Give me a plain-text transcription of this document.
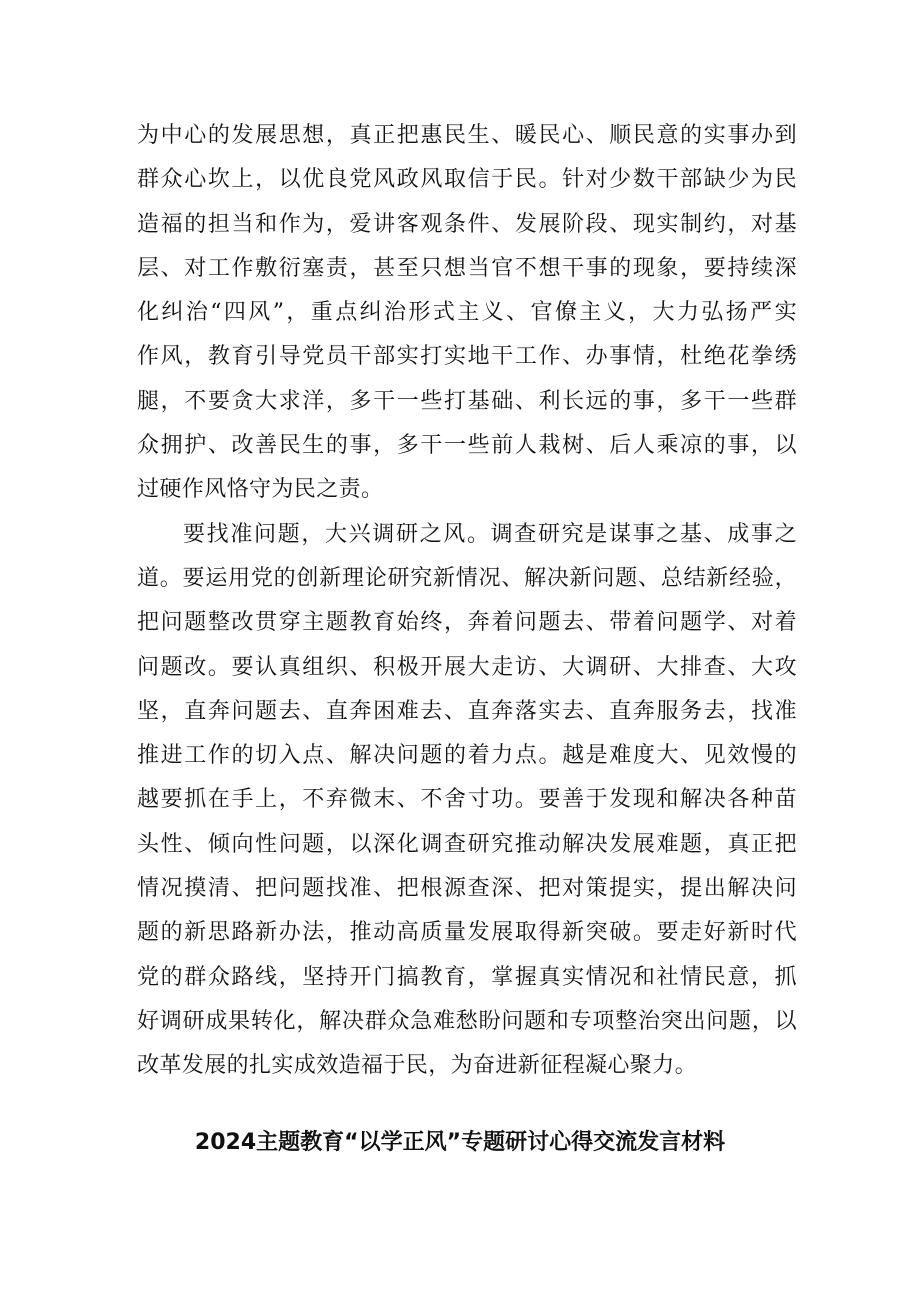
为中心的发展思想，真正把惠民生、暖民心、顺民意的实事办到
群众心坎上，以优良党风政风取信于民。针对少数干部缺少为民
造福的担当和作为，爱讲客观条件、发展阶段、现实制约，对基
层、对工作敷衍塞责，甚至只想当官不想干事的现象，要持续深
化纠治“四风”，重点纠治形式主义、官僚主义，大力弘扬严实
作风，教育引导党员干部实打实地干工作、办事情，杜绝花拳绣
腿，不要贪大求洋，多干一些打基础、利长远的事，多干一些群
众拥护、改善民生的事，多干一些前人栽树、后人乘凉的事，以
过硬作风恪守为民之责。

要找准问题，大兴调研之风。调查研究是谋事之基、成事之
道。要运用党的创新理论研究新情况、解决新问题、总结新经验，
把问题整改贯穿主题教育始终，奔着问题去、带着问题学、对着
问题改。要认真组织、积极开展大走访、大调研、大排查、大攻
坚，直奔问题去、直奔困难去、直奔落实去、直奔服务去，找准
推进工作的切入点、解决问题的着力点。越是难度大、见效慢的
越要抓在手上，不弃微末、不舍寸功。要善于发现和解决各种苗
头性、倾向性问题，以深化调查研究推动解决发展难题，真正把
情况摸清、把问题找准、把根源查深、把对策提实，提出解决问
题的新思路新办法，推动高质量发展取得新突破。要走好新时代
党的群众路线，坚持开门搞教育，掌握真实情况和社情民意，抓
好调研成果转化，解决群众急难愁盼问题和专项整治突出问题，以
改革发展的扎实成效造福于民，为奋进新征程凝心聚力。

2024主题教育“以学正风”专题研讨心得交流发言材料
